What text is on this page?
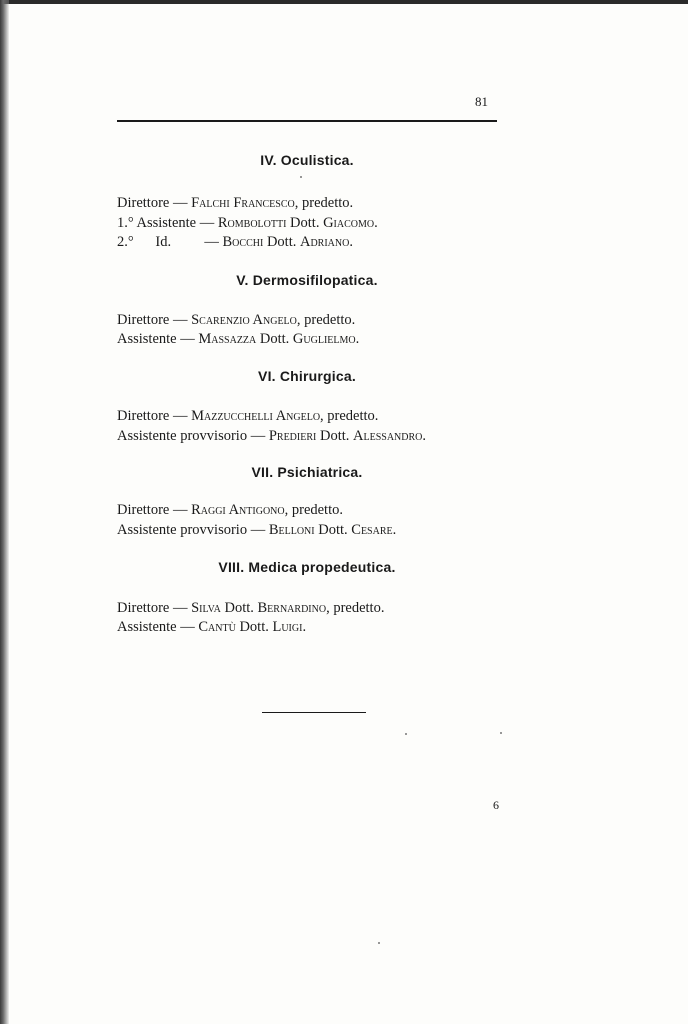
81
IV. Oculistica.
Direttore — Falchi Francesco, predetto.
1.° Assistente — Rombolotti Dott. Giacomo.
2.°      Id. — Bocchi Dott. Adriano.
V. Dermosifilopatica.
Direttore — Scarenzio Angelo, predetto.
Assistente — Massazza Dott. Guglielmo.
VI. Chirurgica.
Direttore — Mazzucchelli Angelo, predetto.
Assistente provvisorio — Predieri Dott. Alessandro.
VII. Psichiatrica.
Direttore — Raggi Antigono, predetto.
Assistente provvisorio — Belloni Dott. Cesare.
VIII. Medica propedeutica.
Direttore — Silva Dott. Bernardino, predetto.
Assistente — Cantù Dott. Luigi.
6
